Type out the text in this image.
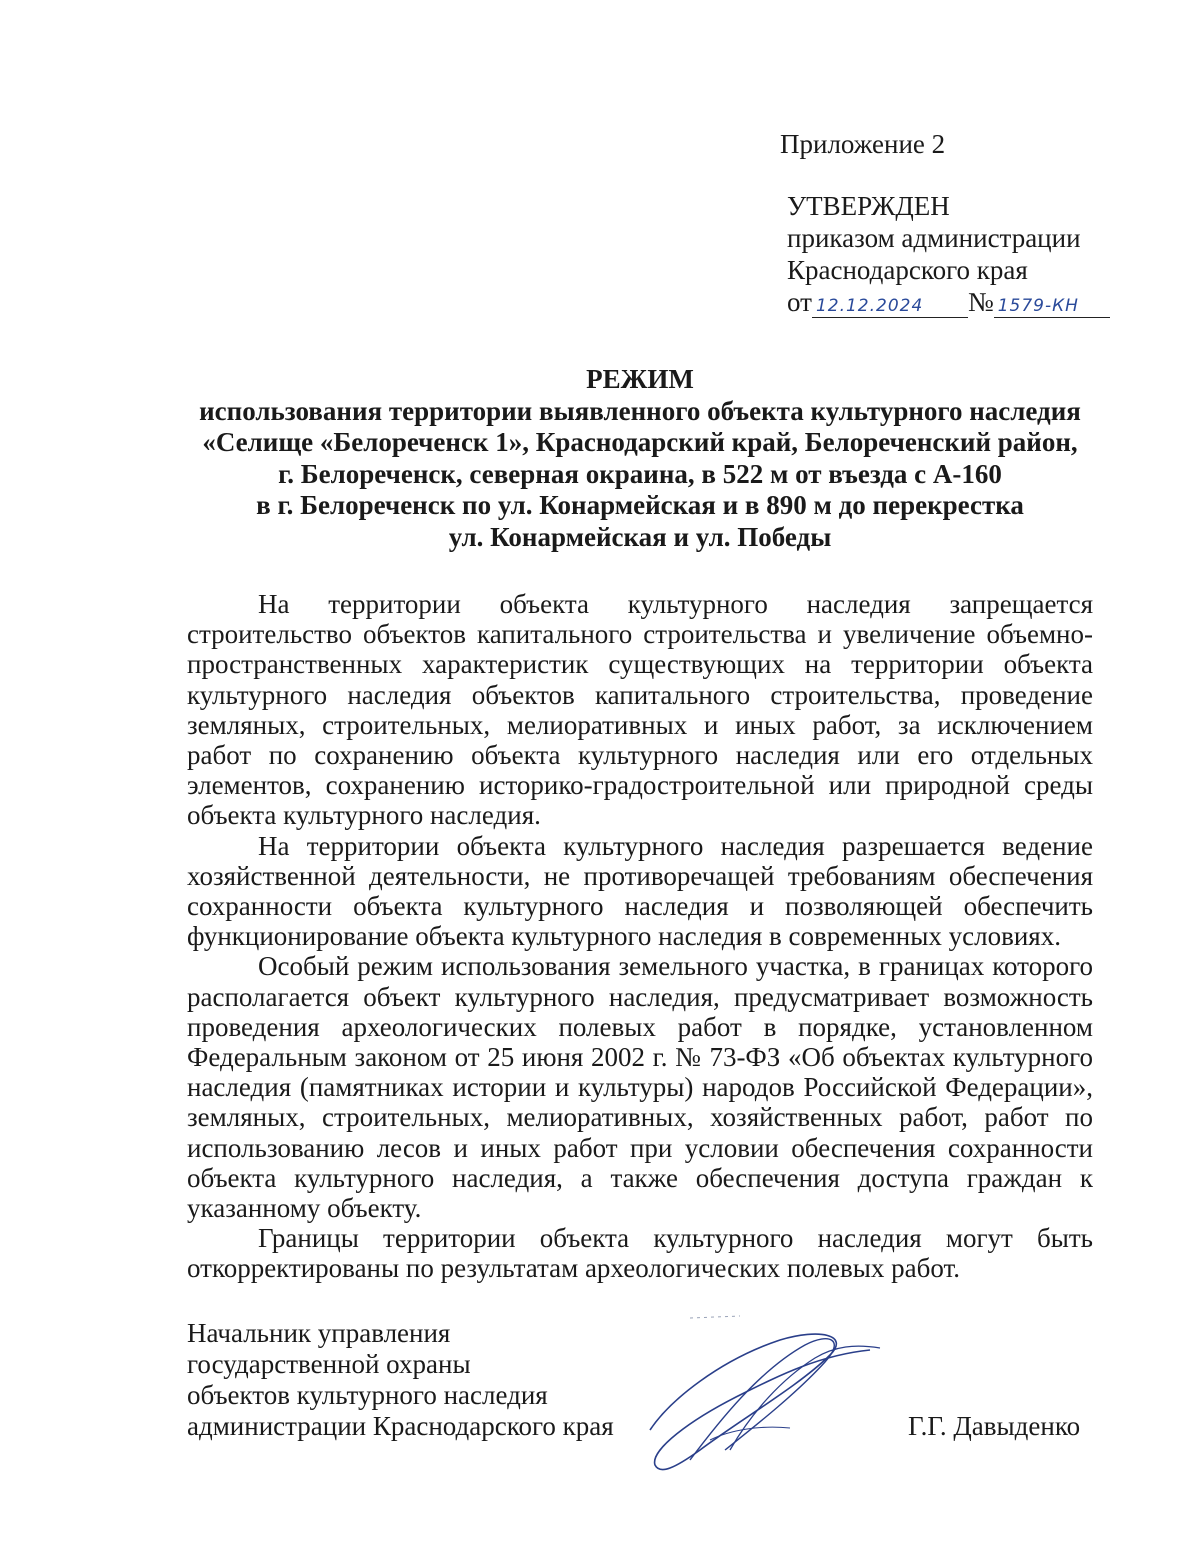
Приложение 2
УТВЕРЖДЕН
приказом администрации
Краснодарского края
от 12.12.2024 № 1579-КН
РЕЖИМ
использования территории выявленного объекта культурного наследия
«Селище «Белореченск 1», Краснодарский край, Белореченский район,
г. Белореченск, северная окраина, в 522 м от въезда с А-160
в г. Белореченск по ул. Конармейская и в 890 м до перекрестка
ул. Конармейская и ул. Победы

На территории объекта культурного наследия запрещается строительство объектов капитального строительства и увеличение объемно-пространственных характеристик существующих на территории объекта культурного наследия объектов капитального строительства, проведение земляных, строительных, мелиоративных и иных работ, за исключением работ по сохранению объекта культурного наследия или его отдельных элементов, сохранению историко-градостроительной или природной среды объекта культурного наследия.

На территории объекта культурного наследия разрешается ведение хозяйственной деятельности, не противоречащей требованиям обеспечения сохранности объекта культурного наследия и позволяющей обеспечить функционирование объекта культурного наследия в современных условиях.

Особый режим использования земельного участка, в границах которого располагается объект культурного наследия, предусматривает возможность проведения археологических полевых работ в порядке, установленном Федеральным законом от 25 июня 2002 г. № 73-ФЗ «Об объектах культурного наследия (памятниках истории и культуры) народов Российской Федерации», земляных, строительных, мелиоративных, хозяйственных работ, работ по использованию лесов и иных работ при условии обеспечения сохранности объекта культурного наследия, а также обеспечения доступа граждан к указанному объекту.

Границы территории объекта культурного наследия могут быть откорректированы по результатам археологических полевых работ.

Начальник управления
государственной охраны
объектов культурного наследия
администрации Краснодарского края	Г.Г. Давыденко
